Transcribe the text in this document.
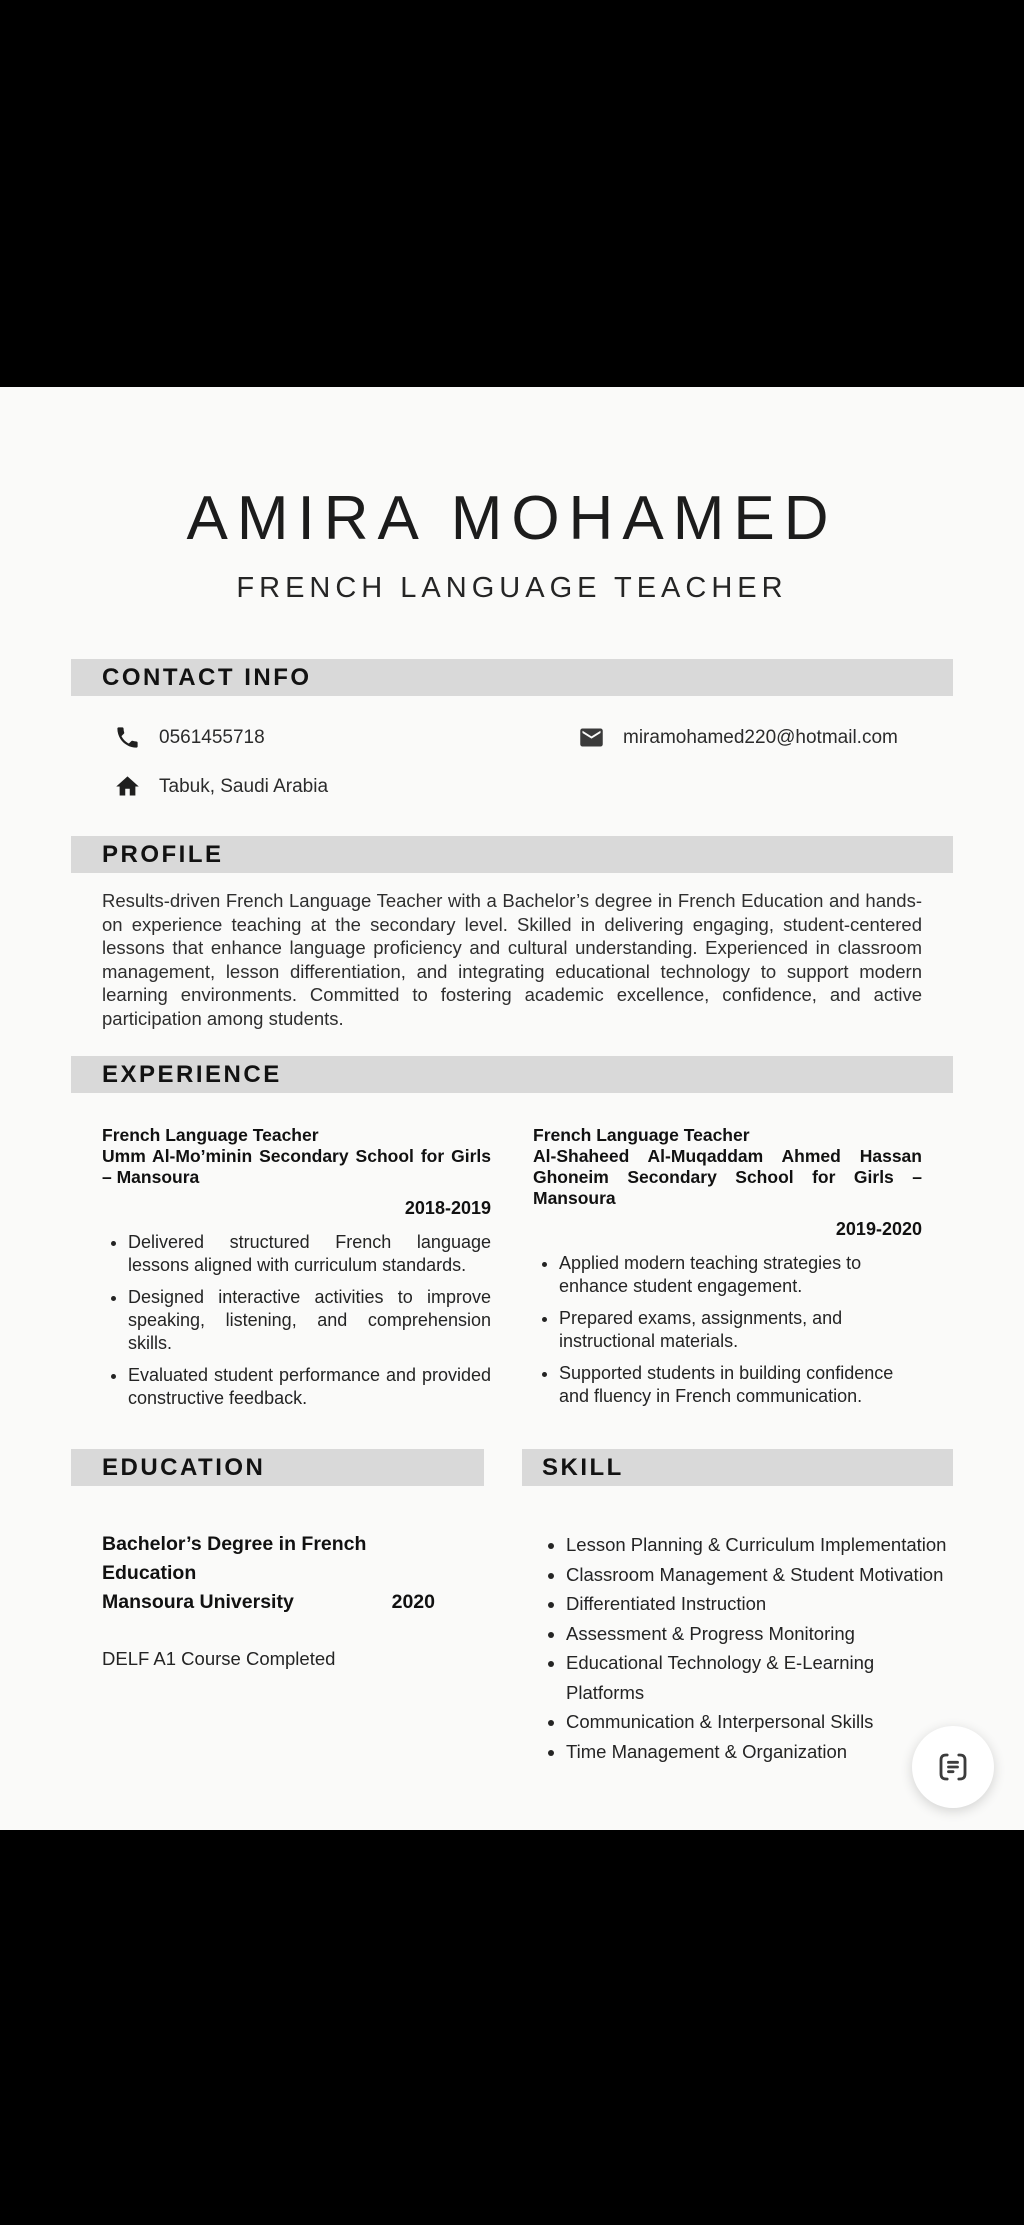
AMIRA MOHAMED
FRENCH LANGUAGE TEACHER
CONTACT INFO
0561455718	miramohamed220@hotmail.com
Tabuk, Saudi Arabia
PROFILE

Results-driven French Language Teacher with a Bachelor’s degree in French Education and hands-on experience teaching at the secondary level. Skilled in delivering engaging, student-centered lessons that enhance language proficiency and cultural understanding. Experienced in classroom management, lesson differentiation, and integrating educational technology to support modern learning environments. Committed to fostering academic excellence, confidence, and active participation among students.

EXPERIENCE
French Language Teacher
Umm Al-Mo’minin Secondary School for Girls – Mansoura
2018-2019
• Delivered structured French language lessons aligned with curriculum standards.
• Designed interactive activities to improve speaking, listening, and comprehension skills.
• Evaluated student performance and provided constructive feedback.
French Language Teacher
Al-Shaheed Al-Muqaddam Ahmed Hassan Ghoneim Secondary School for Girls – Mansoura
2019-2020
• Applied modern teaching strategies to enhance student engagement.
• Prepared exams, assignments, and instructional materials.
• Supported students in building confidence and fluency in French communication.
EDUCATION	SKILL
Bachelor’s Degree in French Education
Mansoura University	2020
DELF A1 Course Completed
• Lesson Planning & Curriculum Implementation
• Classroom Management & Student Motivation
• Differentiated Instruction
• Assessment & Progress Monitoring
• Educational Technology & E-Learning Platforms
• Communication & Interpersonal Skills
• Time Management & Organization
